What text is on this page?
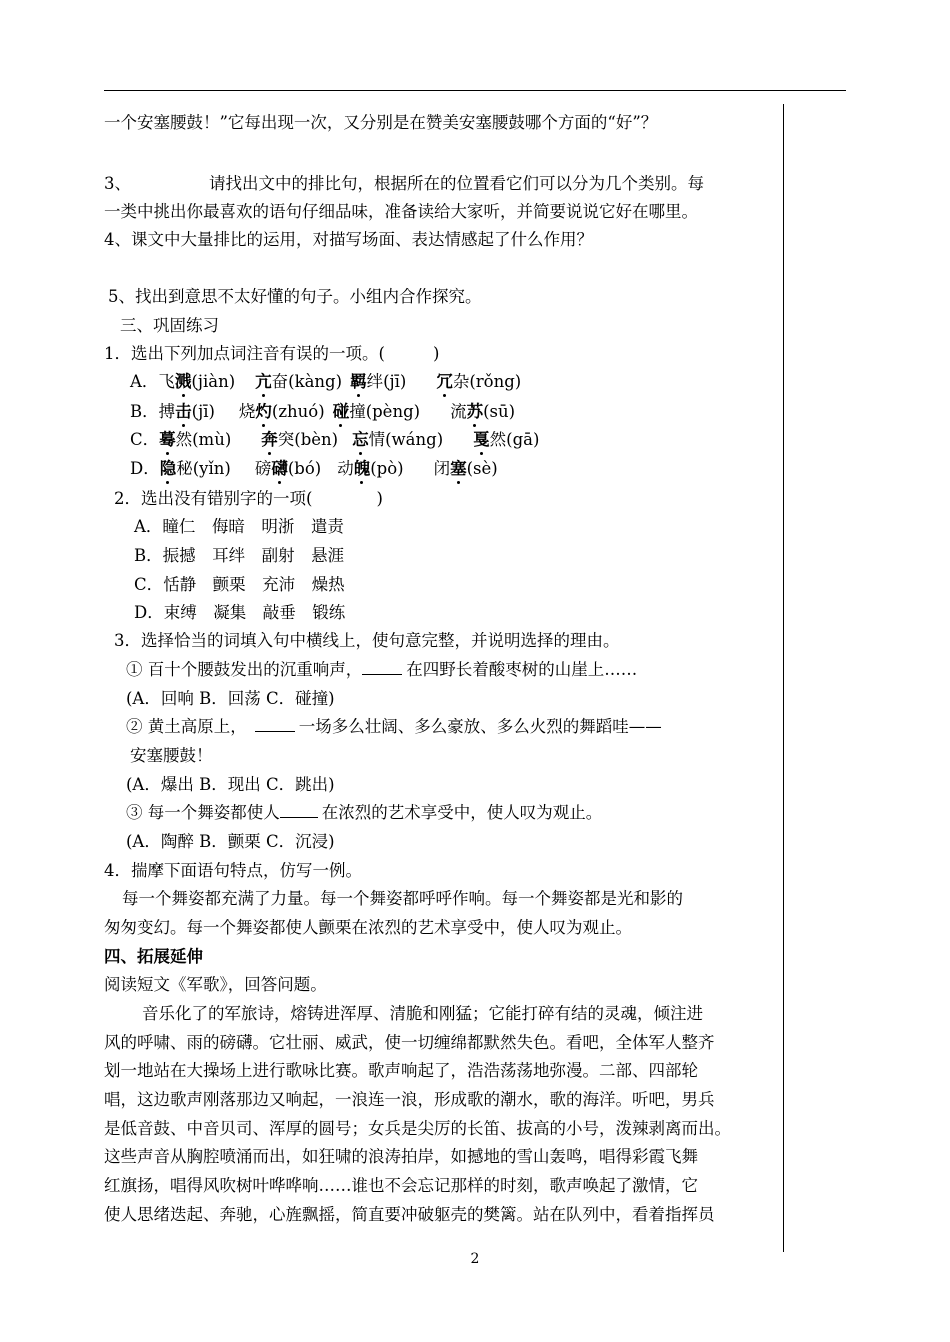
一个安塞腰鼓！”它每出现一次，又分别是在赞美安塞腰鼓哪个方面的“好”？
3、	请找出文中的排比句，根据所在的位置看它们可以分为几个类别。每
一类中挑出你最喜欢的语句仔细品味，准备读给大家听，并简要说说它好在哪里。
4、课文中大量排比的运用，对描写场面、表达情感起了什么作用？
5、找出到意思不太好懂的句子。小组内合作探究。
三、巩固练习
1．选出下列加点词注音有误的一项。(	)
A．飞溅(jiàn) 亢奋(kàng) 羁绊(jī) 冗杂(rǒng)
B．搏击(jī) 烧灼(zhuó) 碰撞(pèng) 流苏(sū)
C．蓦然(mù) 奔突(bèn) 忘情(wáng) 戛然(gā)
D．隐秘(yǐn) 磅礴(bó) 动魄(pò) 闭塞(sè)
2．选出没有错别字的一项(	)
A．瞳仁　侮暗　明浙　遣责
B．振撼　耳绊　副射　悬涯
C．恬静　颤栗　充沛　燥热
D．束缚　凝集　敲垂　锻练
3．选择恰当的词填入句中横线上，使句意完整，并说明选择的理由。
① 百十个腰鼓发出的沉重响声，	在四野长着酸枣树的山崖上……
(A．回响 B．回荡 C．碰撞)
② 黄土高原上，	一场多么壮阔、多么豪放、多么火烈的舞蹈哇——
安塞腰鼓！
(A．爆出 B．现出 C．跳出)
③ 每一个舞姿都使人	在浓烈的艺术享受中，使人叹为观止。
(A．陶醉 B．颤栗 C．沉浸)
4．揣摩下面语句特点，仿写一例。
每一个舞姿都充满了力量。每一个舞姿都呼呼作响。每一个舞姿都是光和影的
匆匆变幻。每一个舞姿都使人颤栗在浓烈的艺术享受中，使人叹为观止。
四、拓展延伸
阅读短文《军歌》，回答问题。
音乐化了的军旅诗，熔铸进浑厚、清脆和刚猛；它能打碎有结的灵魂，倾注进
风的呼啸、雨的磅礴。它壮丽、威武，使一切缠绵都默然失色。看吧，全体军人整齐
划一地站在大操场上进行歌咏比赛。歌声响起了，浩浩荡荡地弥漫。二部、四部轮
唱，这边歌声刚落那边又响起，一浪连一浪，形成歌的潮水，歌的海洋。听吧，男兵
是低音鼓、中音贝司、浑厚的圆号；女兵是尖厉的长笛、拔高的小号，泼辣剥离而出。
这些声音从胸腔喷涌而出，如狂啸的浪涛拍岸，如撼地的雪山轰鸣，唱得彩霞飞舞
红旗扬，唱得风吹树叶哗哗响……谁也不会忘记那样的时刻，歌声唤起了激情，它
使人思绪迭起、奔驰，心旌飘摇，简直要冲破躯壳的樊篱。站在队列中，看着指挥员
2
